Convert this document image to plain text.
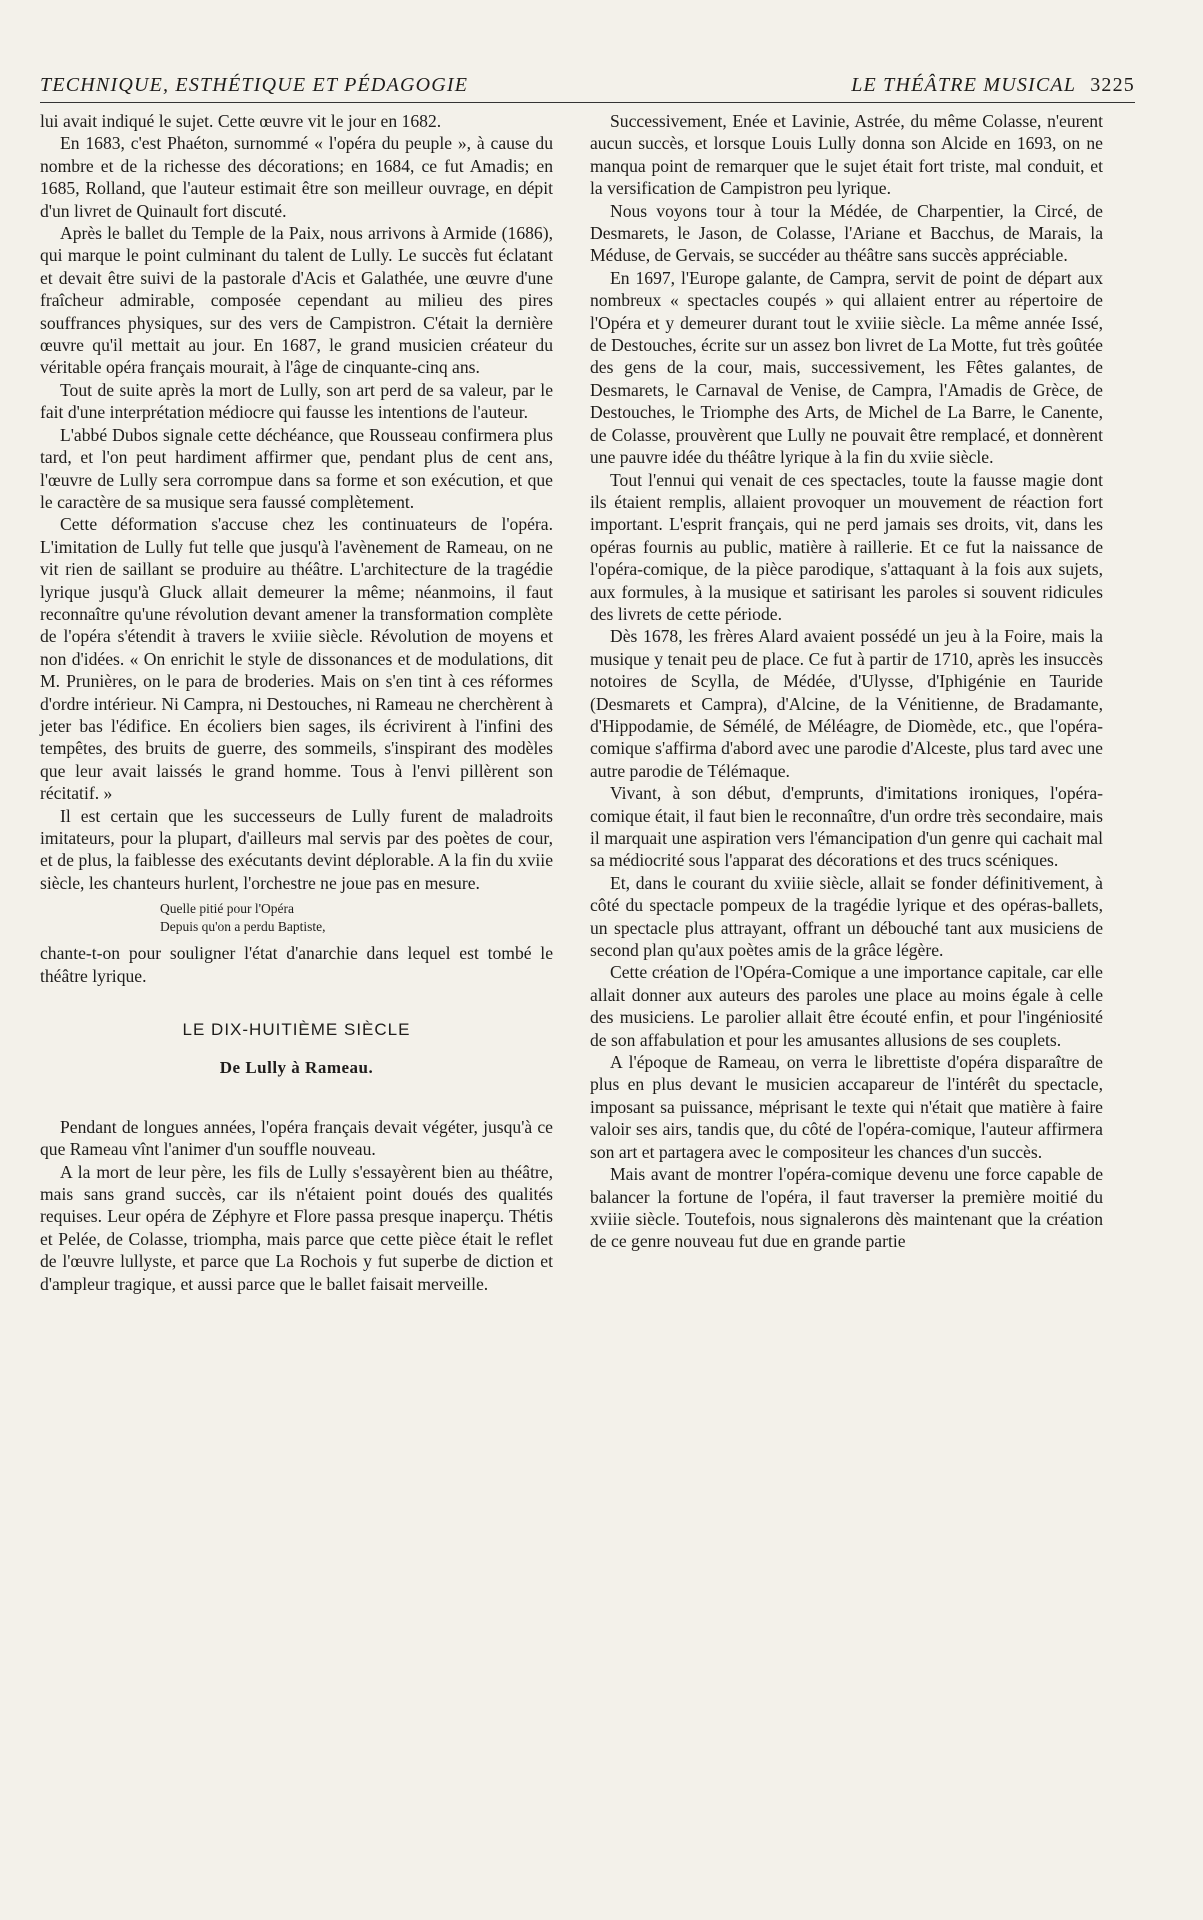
TECHNIQUE, ESTHÉTIQUE ET PÉDAGOGIE	LE THÉÂTRE MUSICAL 3225

lui avait indiqué le sujet. Cette œuvre vit le jour en 1682.

En 1683, c'est Phaéton, surnommé « l'opéra du peuple », à cause du nombre et de la richesse des décorations; en 1684, ce fut Amadis; en 1685, Rolland, que l'auteur estimait être son meilleur ouvrage, en dépit d'un livret de Quinault fort discuté.

Après le ballet du Temple de la Paix, nous arrivons à Armide (1686), qui marque le point culminant du talent de Lully. Le succès fut éclatant et devait être suivi de la pastorale d'Acis et Galathée, une œuvre d'une fraîcheur admirable, composée cependant au milieu des pires souffrances physiques, sur des vers de Campistron. C'était la dernière œuvre qu'il mettait au jour. En 1687, le grand musicien créateur du véritable opéra français mourait, à l'âge de cinquante-cinq ans.

Tout de suite après la mort de Lully, son art perd de sa valeur, par le fait d'une interprétation médiocre qui fausse les intentions de l'auteur.

L'abbé Dubos signale cette déchéance, que Rousseau confirmera plus tard, et l'on peut hardiment affirmer que, pendant plus de cent ans, l'œuvre de Lully sera corrompue dans sa forme et son exécution, et que le caractère de sa musique sera faussé complètement.

Cette déformation s'accuse chez les continuateurs de l'opéra. L'imitation de Lully fut telle que jusqu'à l'avènement de Rameau, on ne vit rien de saillant se produire au théâtre. L'architecture de la tragédie lyrique jusqu'à Gluck allait demeurer la même; néanmoins, il faut reconnaître qu'une révolution devant amener la transformation complète de l'opéra s'étendit à travers le xviiie siècle. Révolution de moyens et non d'idées. « On enrichit le style de dissonances et de modulations, dit M. Prunières, on le para de broderies. Mais on s'en tint à ces réformes d'ordre intérieur. Ni Campra, ni Destouches, ni Rameau ne cherchèrent à jeter bas l'édifice. En écoliers bien sages, ils écrivirent à l'infini des tempêtes, des bruits de guerre, des sommeils, s'inspirant des modèles que leur avait laissés le grand homme. Tous à l'envi pillèrent son récitatif. »

Il est certain que les successeurs de Lully furent de maladroits imitateurs, pour la plupart, d'ailleurs mal servis par des poètes de cour, et de plus, la faiblesse des exécutants devint déplorable. A la fin du xviie siècle, les chanteurs hurlent, l'orchestre ne joue pas en mesure.

Quelle pitié pour l'Opéra
Depuis qu'on a perdu Baptiste,

chante-t-on pour souligner l'état d'anarchie dans lequel est tombé le théâtre lyrique.

LE DIX-HUITIÈME SIÈCLE
De Lully à Rameau.

Pendant de longues années, l'opéra français devait végéter, jusqu'à ce que Rameau vînt l'animer d'un souffle nouveau.

A la mort de leur père, les fils de Lully s'essayèrent bien au théâtre, mais sans grand succès, car ils n'étaient point doués des qualités requises. Leur opéra de Zéphyre et Flore passa presque inaperçu. Thétis et Pelée, de Colasse, triompha, mais parce que cette pièce était le reflet de l'œuvre lullyste, et parce que La Rochois y fut superbe de diction et d'ampleur tragique, et aussi parce que le ballet faisait merveille.

Successivement, Enée et Lavinie, Astrée, du même Colasse, n'eurent aucun succès, et lorsque Louis Lully donna son Alcide en 1693, on ne manqua point de remarquer que le sujet était fort triste, mal conduit, et la versification de Campistron peu lyrique.

Nous voyons tour à tour la Médée, de Charpentier, la Circé, de Desmarets, le Jason, de Colasse, l'Ariane et Bacchus, de Marais, la Méduse, de Gervais, se succéder au théâtre sans succès appréciable.

En 1697, l'Europe galante, de Campra, servit de point de départ aux nombreux « spectacles coupés » qui allaient entrer au répertoire de l'Opéra et y demeurer durant tout le xviiie siècle. La même année Issé, de Destouches, écrite sur un assez bon livret de La Motte, fut très goûtée des gens de la cour, mais, successivement, les Fêtes galantes, de Desmarets, le Carnaval de Venise, de Campra, l'Amadis de Grèce, de Destouches, le Triomphe des Arts, de Michel de La Barre, le Canente, de Colasse, prouvèrent que Lully ne pouvait être remplacé, et donnèrent une pauvre idée du théâtre lyrique à la fin du xviie siècle.

Tout l'ennui qui venait de ces spectacles, toute la fausse magie dont ils étaient remplis, allaient provoquer un mouvement de réaction fort important. L'esprit français, qui ne perd jamais ses droits, vit, dans les opéras fournis au public, matière à raillerie. Et ce fut la naissance de l'opéra-comique, de la pièce parodique, s'attaquant à la fois aux sujets, aux formules, à la musique et satirisant les paroles si souvent ridicules des livrets de cette période.

Dès 1678, les frères Alard avaient possédé un jeu à la Foire, mais la musique y tenait peu de place. Ce fut à partir de 1710, après les insuccès notoires de Scylla, de Médée, d'Ulysse, d'Iphigénie en Tauride (Desmarets et Campra), d'Alcine, de la Vénitienne, de Bradamante, d'Hippodamie, de Sémélé, de Méléagre, de Diomède, etc., que l'opéra-comique s'affirma d'abord avec une parodie d'Alceste, plus tard avec une autre parodie de Télémaque.

Vivant, à son début, d'emprunts, d'imitations ironiques, l'opéra-comique était, il faut bien le reconnaître, d'un ordre très secondaire, mais il marquait une aspiration vers l'émancipation d'un genre qui cachait mal sa médiocrité sous l'apparat des décorations et des trucs scéniques.

Et, dans le courant du xviiie siècle, allait se fonder définitivement, à côté du spectacle pompeux de la tragédie lyrique et des opéras-ballets, un spectacle plus attrayant, offrant un débouché tant aux musiciens de second plan qu'aux poètes amis de la grâce légère.

Cette création de l'Opéra-Comique a une importance capitale, car elle allait donner aux auteurs des paroles une place au moins égale à celle des musiciens. Le parolier allait être écouté enfin, et pour l'ingéniosité de son affabulation et pour les amusantes allusions de ses couplets.

A l'époque de Rameau, on verra le librettiste d'opéra disparaître de plus en plus devant le musicien accapareur de l'intérêt du spectacle, imposant sa puissance, méprisant le texte qui n'était que matière à faire valoir ses airs, tandis que, du côté de l'opéra-comique, l'auteur affirmera son art et partagera avec le compositeur les chances d'un succès.

Mais avant de montrer l'opéra-comique devenu une force capable de balancer la fortune de l'opéra, il faut traverser la première moitié du xviiie siècle. Toutefois, nous signalerons dès maintenant que la création de ce genre nouveau fut due en grande partie
